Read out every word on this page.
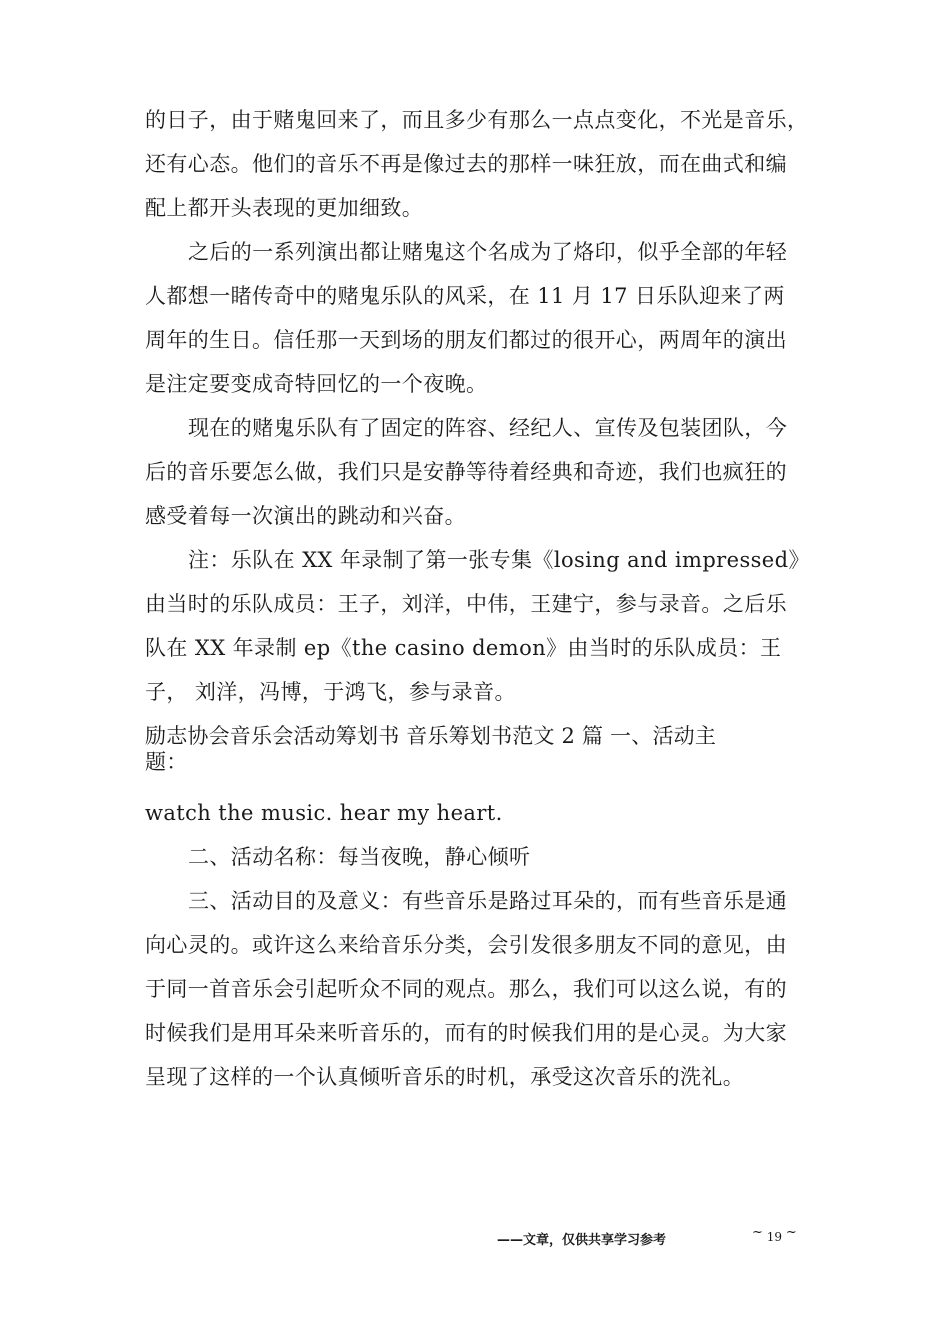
的日子，由于赌鬼回来了，而且多少有那么一点点变化，不光是音乐，
还有心态。他们的音乐不再是像过去的那样一味狂放，而在曲式和编
配上都开头表现的更加细致。
之后的一系列演出都让赌鬼这个名成为了烙印，似乎全部的年轻
人都想一睹传奇中的赌鬼乐队的风采，在 11 月 17 日乐队迎来了两
周年的生日。信任那一天到场的朋友们都过的很开心，两周年的演出
是注定要变成奇特回忆的一个夜晚。
现在的赌鬼乐队有了固定的阵容、经纪人、宣传及包装团队，今
后的音乐要怎么做，我们只是安静等待着经典和奇迹，我们也疯狂的
感受着每一次演出的跳动和兴奋。
注：乐队在 XX 年录制了第一张专集《losing and impressed》
由当时的乐队成员：王子，刘洋，中伟，王建宁，参与录音。之后乐
队在 XX 年录制 ep《the casino demon》由当时的乐队成员：王
子， 刘洋，冯博，于鸿飞，参与录音。
励志协会音乐会活动筹划书 音乐筹划书范文 2 篇 一、活动主
题：
watch the music. hear my heart.
二、活动名称：每当夜晚，静心倾听
三、活动目的及意义：有些音乐是路过耳朵的，而有些音乐是通
向心灵的。或许这么来给音乐分类，会引发很多朋友不同的意见，由
于同一首音乐会引起听众不同的观点。那么，我们可以这么说，有的
时候我们是用耳朵来听音乐的，而有的时候我们用的是心灵。为大家
呈现了这样的一个认真倾听音乐的时机，承受这次音乐的洗礼。
——文章，仅供共享学习参考
~ 19 ~
